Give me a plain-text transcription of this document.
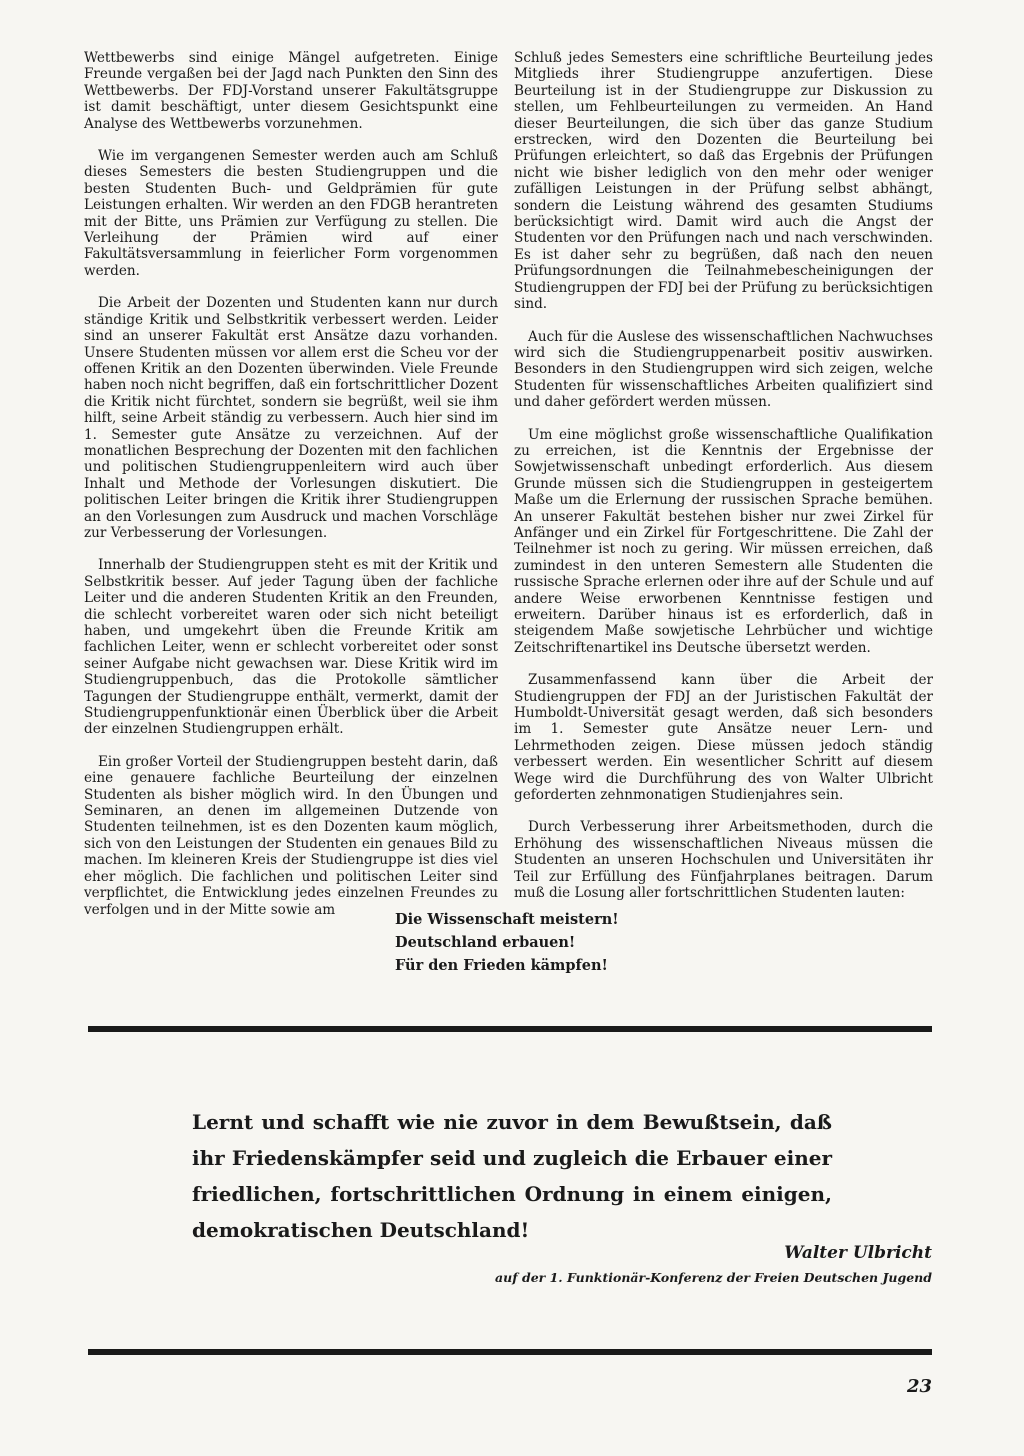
Wettbewerbs sind einige Mängel aufgetreten. Einige Freunde vergaßen bei der Jagd nach Punkten den Sinn des Wettbewerbs. Der FDJ-Vorstand unserer Fakultätsgruppe ist damit beschäftigt, unter diesem Gesichtspunkt eine Analyse des Wettbewerbs vorzunehmen.

Wie im vergangenen Semester werden auch am Schluß dieses Semesters die besten Studiengruppen und die besten Studenten Buch- und Geldprämien für gute Leistungen erhalten. Wir werden an den FDGB herantreten mit der Bitte, uns Prämien zur Verfügung zu stellen. Die Verleihung der Prämien wird auf einer Fakultätsversammlung in feierlicher Form vorgenommen werden.

Die Arbeit der Dozenten und Studenten kann nur durch ständige Kritik und Selbstkritik verbessert werden. Leider sind an unserer Fakultät erst Ansätze dazu vorhanden. Unsere Studenten müssen vor allem erst die Scheu vor der offenen Kritik an den Dozenten überwinden. Viele Freunde haben noch nicht begriffen, daß ein fortschrittlicher Dozent die Kritik nicht fürchtet, sondern sie begrüßt, weil sie ihm hilft, seine Arbeit ständig zu verbessern. Auch hier sind im 1. Semester gute Ansätze zu verzeichnen. Auf der monatlichen Besprechung der Dozenten mit den fachlichen und politischen Studiengruppenleitern wird auch über Inhalt und Methode der Vorlesungen diskutiert. Die politischen Leiter bringen die Kritik ihrer Studiengruppen an den Vorlesungen zum Ausdruck und machen Vorschläge zur Verbesserung der Vorlesungen.

Innerhalb der Studiengruppen steht es mit der Kritik und Selbstkritik besser. Auf jeder Tagung üben der fachliche Leiter und die anderen Studenten Kritik an den Freunden, die schlecht vorbereitet waren oder sich nicht beteiligt haben, und umgekehrt üben die Freunde Kritik am fachlichen Leiter, wenn er schlecht vorbereitet oder sonst seiner Aufgabe nicht gewachsen war. Diese Kritik wird im Studiengruppenbuch, das die Protokolle sämtlicher Tagungen der Studiengruppe enthält, vermerkt, damit der Studiengruppenfunktionär einen Überblick über die Arbeit der einzelnen Studiengruppen erhält.

Ein großer Vorteil der Studiengruppen besteht darin, daß eine genauere fachliche Beurteilung der einzelnen Studenten als bisher möglich wird. In den Übungen und Seminaren, an denen im allgemeinen Dutzende von Studenten teilnehmen, ist es den Dozenten kaum möglich, sich von den Leistungen der Studenten ein genaues Bild zu machen. Im kleineren Kreis der Studiengruppe ist dies viel eher möglich. Die fachlichen und politischen Leiter sind verpflichtet, die Entwicklung jedes einzelnen Freundes zu verfolgen und in der Mitte sowie am

Schluß jedes Semesters eine schriftliche Beurteilung jedes Mitglieds ihrer Studiengruppe anzufertigen. Diese Beurteilung ist in der Studiengruppe zur Diskussion zu stellen, um Fehlbeurteilungen zu vermeiden. An Hand dieser Beurteilungen, die sich über das ganze Studium erstrecken, wird den Dozenten die Beurteilung bei Prüfungen erleichtert, so daß das Ergebnis der Prüfungen nicht wie bisher lediglich von den mehr oder weniger zufälligen Leistungen in der Prüfung selbst abhängt, sondern die Leistung während des gesamten Studiums berücksichtigt wird. Damit wird auch die Angst der Studenten vor den Prüfungen nach und nach verschwinden. Es ist daher sehr zu begrüßen, daß nach den neuen Prüfungsordnungen die Teilnahmebescheinigungen der Studiengruppen der FDJ bei der Prüfung zu berücksichtigen sind.

Auch für die Auslese des wissenschaftlichen Nachwuchses wird sich die Studiengruppenarbeit positiv auswirken. Besonders in den Studiengruppen wird sich zeigen, welche Studenten für wissenschaftliches Arbeiten qualifiziert sind und daher gefördert werden müssen.

Um eine möglichst große wissenschaftliche Qualifikation zu erreichen, ist die Kenntnis der Ergebnisse der Sowjetwissenschaft unbedingt erforderlich. Aus diesem Grunde müssen sich die Studiengruppen in gesteigertem Maße um die Erlernung der russischen Sprache bemühen. An unserer Fakultät bestehen bisher nur zwei Zirkel für Anfänger und ein Zirkel für Fortgeschrittene. Die Zahl der Teilnehmer ist noch zu gering. Wir müssen erreichen, daß zumindest in den unteren Semestern alle Studenten die russische Sprache erlernen oder ihre auf der Schule und auf andere Weise erworbenen Kenntnisse festigen und erweitern. Darüber hinaus ist es erforderlich, daß in steigendem Maße sowjetische Lehrbücher und wichtige Zeitschriftenartikel ins Deutsche übersetzt werden.

Zusammenfassend kann über die Arbeit der Studiengruppen der FDJ an der Juristischen Fakultät der Humboldt-Universität gesagt werden, daß sich besonders im 1. Semester gute Ansätze neuer Lern- und Lehrmethoden zeigen. Diese müssen jedoch ständig verbessert werden. Ein wesentlicher Schritt auf diesem Wege wird die Durchführung des von Walter Ulbricht geforderten zehnmonatigen Studienjahres sein.

Durch Verbesserung ihrer Arbeitsmethoden, durch die Erhöhung des wissenschaftlichen Niveaus müssen die Studenten an unseren Hochschulen und Universitäten ihr Teil zur Erfüllung des Fünfjahrplanes beitragen. Darum muß die Losung aller fortschrittlichen Studenten lauten:

Die Wissenschaft meistern!
Deutschland erbauen!
Für den Frieden kämpfen!
Lernt und schafft wie nie zuvor in dem Bewußtsein, daß ihr Friedenskämpfer seid und zugleich die Erbauer einer friedlichen, fortschrittlichen Ordnung in einem einigen, demokratischen Deutschland!
Walter Ulbricht
auf der 1. Funktionär-Konferenz der Freien Deutschen Jugend
23
